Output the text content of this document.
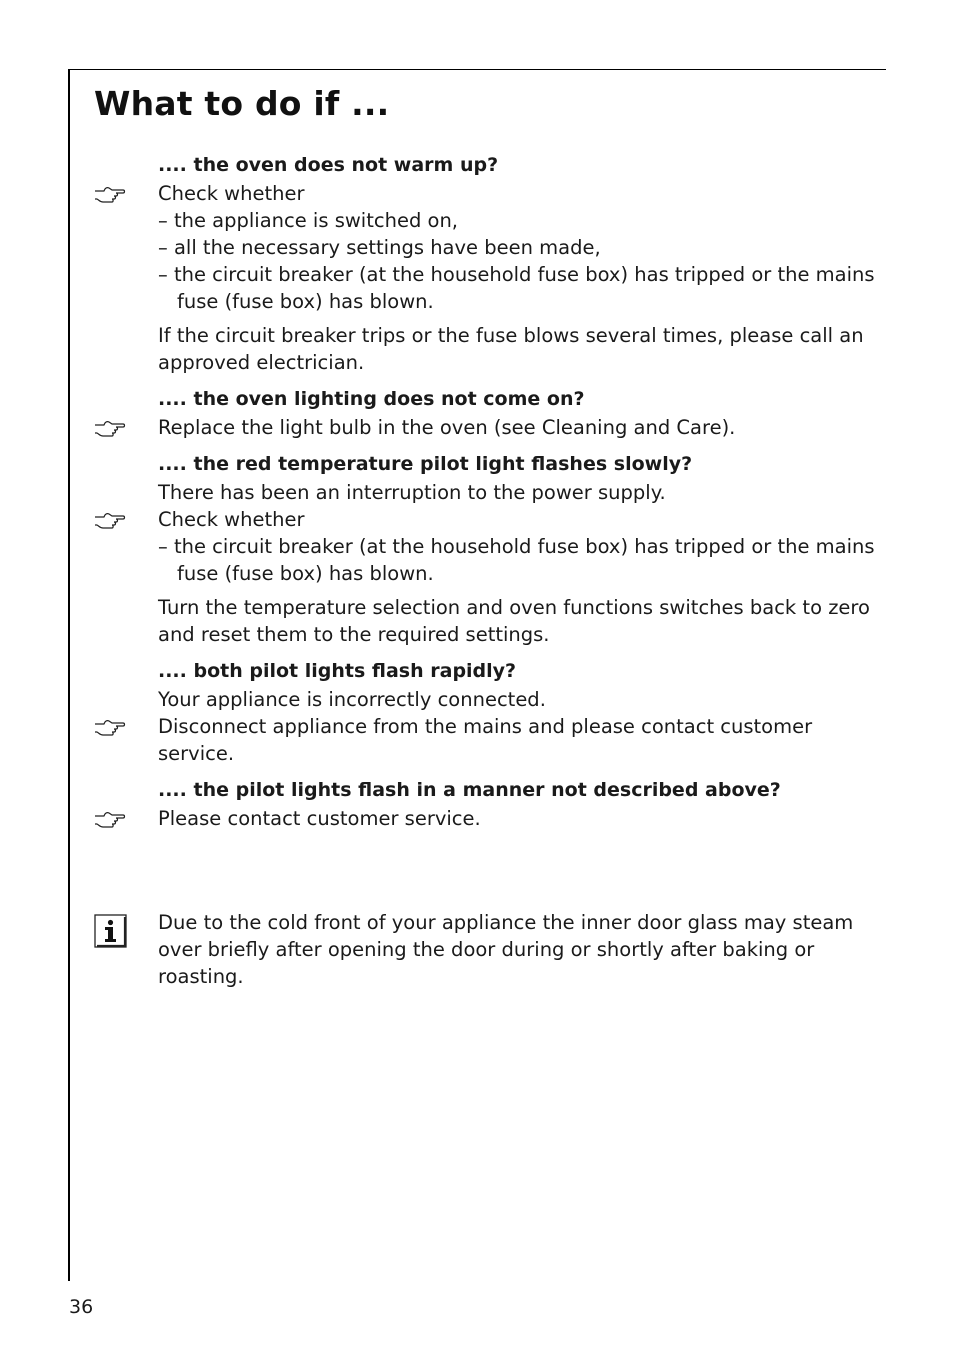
What to do if ...

.... the oven does not warm up?

Check whether

– the appliance is switched on,

– all the necessary settings have been made,

– the circuit breaker (at the household fuse box) has tripped or the mains fuse (fuse box) has blown.

If the circuit breaker trips or the fuse blows several times, please call an approved electrician.

.... the oven lighting does not come on?

Replace the light bulb in the oven (see Cleaning and Care).

.... the red temperature pilot light flashes slowly?

There has been an interruption to the power supply.

Check whether

– the circuit breaker (at the household fuse box) has tripped or the mains fuse (fuse box) has blown.

Turn the temperature selection and oven functions switches back to zero and reset them to the required settings.

.... both pilot lights flash rapidly?

Your appliance is incorrectly connected.

Disconnect appliance from the mains and please contact customer service.

.... the pilot lights flash in a manner not described above?

Please contact customer service.

Due to the cold front of your appliance the inner door glass may steam over briefly after opening the door during or shortly after baking or roasting.

36
